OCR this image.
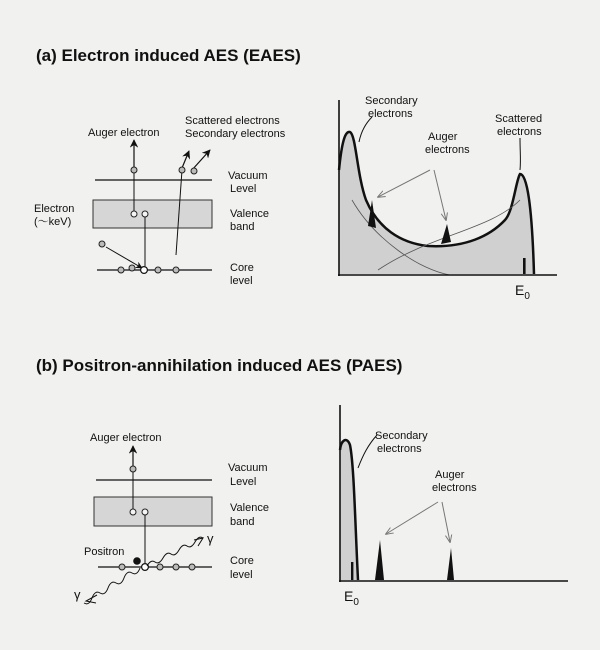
(a) Electron induced AES (EAES)
(b) Positron-annihilation induced AES (PAES)
Auger electron
Scattered electrons
Secondary electrons
Vacuum
Level
Valence
band
Core
level
Electron
(〜keV)
Secondary
electrons
Auger
electrons
Scattered
electrons
$E_0$
Auger electron
Vacuum
Level
Valence
band
Core
level
Positron
γ
γ
Secondary
electrons
Auger
electrons
$E_0$
